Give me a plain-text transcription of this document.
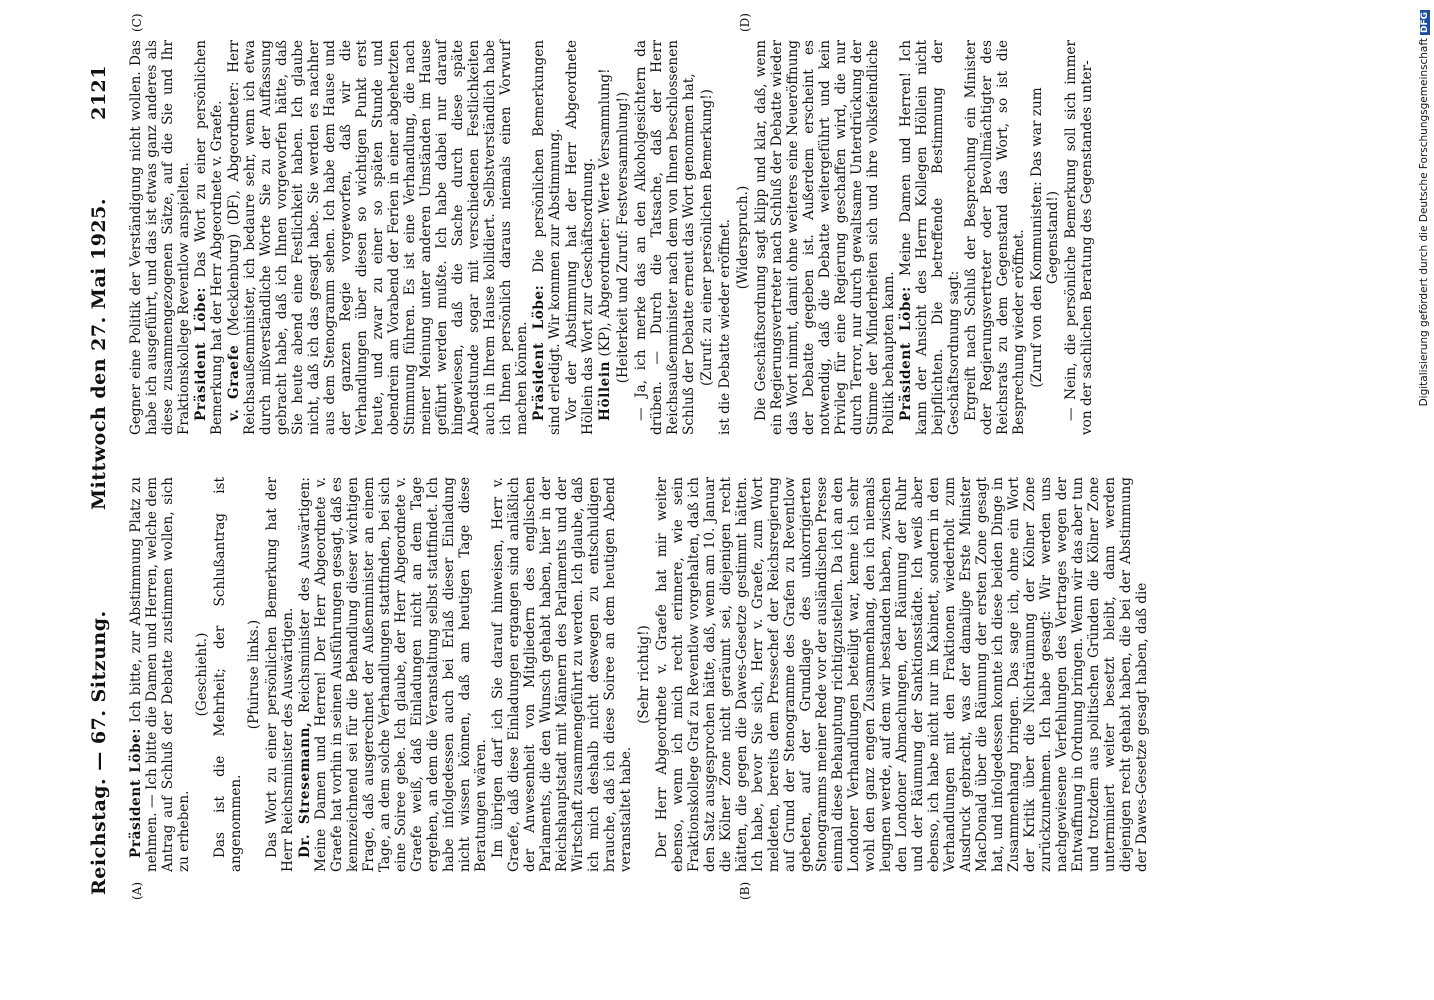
Reichstag. — 67. Sitzung.
Mittwoch den 27. Mai 1925.
2121
(A)	(B)
(C)	(D)

Präsident Löbe: Ich bitte, zur Abstimmung Platz zu nehmen. — Ich bitte die Damen und Herren, welche dem Antrag auf Schluß der Debatte zustimmen wollen, sich zu erheben.

(Geschieht.) Das ist die Mehrheit; der Schlußantrag ist angenommen.

(Pfuiruse links.) Das Wort zu einer persönlichen Bemerkung hat der Herr Reichsminister des Auswärtigen. Dr. Stresemann, Reichsminister des Auswärtigen: Meine Damen und Herren! Der Herr Abgeordnete v. Graefe hat vorhin in seinen Ausführungen gesagt, daß es kennzeichnend sei für die Behandlung dieser wichtigen Frage, daß ausgerechnet der Außenminister an einem Tage, an dem solche Verhandlungen stattfinden, bei sich eine Soiree gebe. Ich glaube, der Herr Abgeordnete v. Graefe weiß, daß Einladungen nicht an dem Tage ergehen, an dem die Veranstaltung selbst stattfindet. Ich habe infolgedessen auch bei Erlaß dieser Einladung nicht wissen können, daß am heutigen Tage diese Beratungen wären. Im übrigen darf ich Sie darauf hinweisen, Herr v. Graefe, daß diese Einladungen ergangen sind anläßlich der Anwesenheit von Mitgliedern des englischen Parlaments, die den Wunsch gehabt haben, hier in der Reichshauptstadt mit Männern des Parlaments und der Wirtschaft zusammengeführt zu werden. Ich glaube, daß ich mich deshalb nicht deswegen zu entschuldigen brauche, daß ich diese Soiree an dem heutigen Abend veranstaltet habe.

(Sehr richtig!) Der Herr Abgeordnete v. Graefe hat mir weiter ebenso, wenn ich mich recht erinnere, wie sein Fraktionskollege Graf zu Reventlow vorgehalten, daß ich den Satz ausgesprochen hätte, daß, wenn am 10. Januar die Kölner Zone nicht geräumt sei, diejenigen recht hätten, die gegen die Dawes-Gesetze gestimmt hätten. Ich habe, bevor Sie sich, Herr v. Graefe, zum Wort meldeten, bereits dem Pressechef der Reichsregierung auf Grund der Stenogramme des Grafen zu Reventlow gebeten, auf der Grundlage des unkorrigierten Stenogramms meiner Rede vor der ausländischen Presse einmal diese Behauptung richtigzustellen. Da ich an den Londoner Verhandlungen beteiligt war, kenne ich sehr wohl den ganz engen Zusammenhang, den ich niemals leugnen werde, auf dem wir bestanden haben, zwischen den Londoner Abmachungen, der Räumung der Ruhr und der Räumung der Sanktionsstädte. Ich weiß aber ebenso, ich habe nicht nur im Kabinett, sondern in den Verhandlungen mit den Fraktionen wiederholt zum Ausdruck gebracht, was der damalige Erste Minister MacDonald über die Räumung der ersten Zone gesagt hat, und infolgedessen konnte ich diese beiden Dinge in Zusammenhang bringen. Das sage ich, ohne ein Wort der Kritik über die Nichträumung der Kölner Zone zurückzunehmen. Ich habe gesagt: Wir werden uns nachgewiesene Verfehlungen des Vertrages wegen der Entwaffnung in Ordnung bringen. Wenn wir das aber tun und trotzdem aus politischen Gründen die Kölner Zone unterminiert weiter besetzt bleibt, dann werden diejenigen recht gehabt haben, die bei der Abstimmung der Dawes-Gesetze gesagt haben, daß die

Gegner eine Politik der Verständigung nicht wollen. Das habe ich ausgeführt, und das ist etwas ganz anderes als diese zusammengezogenen Sätze, auf die Sie und Ihr Fraktionskollege Reventlow anspielten. Präsident Löbe: Das Wort zu einer persönlichen Bemerkung hat der Herr Abgeordnete v. Graefe. v. Graefe (Mecklenburg) (DF), Abgeordneter: Herr Reichsaußenminister, ich bedaure sehr, wenn ich etwa durch mißverständliche Worte Sie zu der Auffassung gebracht habe, daß ich Ihnen vorgeworfen hätte, daß Sie heute abend eine Festlichkeit haben. Ich glaube nicht, daß ich das gesagt habe. Sie werden es nachher aus dem Stenogramm sehen. Ich habe dem Hause und der ganzen Regie vorgeworfen, daß wir die Verhandlungen über diesen so wichtigen Punkt erst heute, und zwar zu einer so späten Stunde und obendrein am Vorabend der Ferien in einer abgehetzten Stimmung führen. Es ist eine Verhandlung, die nach meiner Meinung unter anderen Umständen im Hause geführt werden mußte. Ich habe dabei nur darauf hingewiesen, daß die Sache durch diese späte Abendstunde sogar mit verschiedenen Festlichkeiten auch in Ihrem Hause kollidiert. Selbstverständlich habe ich Ihnen persönlich daraus niemals einen Vorwurf machen können. Präsident Löbe: Die persönlichen Bemerkungen sind erledigt. Wir kommen zur Abstimmung. Vor der Abstimmung hat der Herr Abgeordnete Höllein das Wort zur Geschäftsordnung. Höllein (KP), Abgeordneter: Werte Versammlung! (Heiterkeit und Zuruf: Festversammlung!) — Ja, ich merke das an den Alkoholgesichtern da drüben. — Durch die Tatsache, daß der Herr Reichsaußenminister nach dem von Ihnen beschlossenen Schluß der Debatte erneut das Wort genommen hat, (Zuruf: zu einer persönlichen Bemerkung!) ist die Debatte wieder eröffnet. (Widerspruch.) Die Geschäftsordnung sagt klipp und klar, daß, wenn ein Regierungsvertreter nach Schluß der Debatte wieder das Wort nimmt, damit ohne weiteres eine Neueröffnung der Debatte gegeben ist. Außerdem erscheint es notwendig, daß die Debatte weitergeführt und kein Privileg für eine Regierung geschaffen wird, die nur durch Terror, nur durch gewaltsame Unterdrückung der Stimme der Minderheiten sich und ihre volksfeindliche Politik behaupten kann. Präsident Löbe: Meine Damen und Herren! Ich kann der Ansicht des Herrn Kollegen Höllein nicht beipflichten. Die betreffende Bestimmung der Geschäftsordnung sagt: Ergreift nach Schluß der Besprechung ein Minister oder Regierungsvertreter oder Bevollmächtigter des Reichsrats zu dem Gegenstand das Wort, so ist die Besprechung wieder eröffnet. (Zuruf von den Kommunisten: Das war zum Gegenstand!) — Nein, die persönliche Bemerkung soll sich immer von der sachlichen Beratung des Gegenstandes unter-	Digitalisierung gefördert durch die Deutsche ForschungsgemeinschaftDFG
